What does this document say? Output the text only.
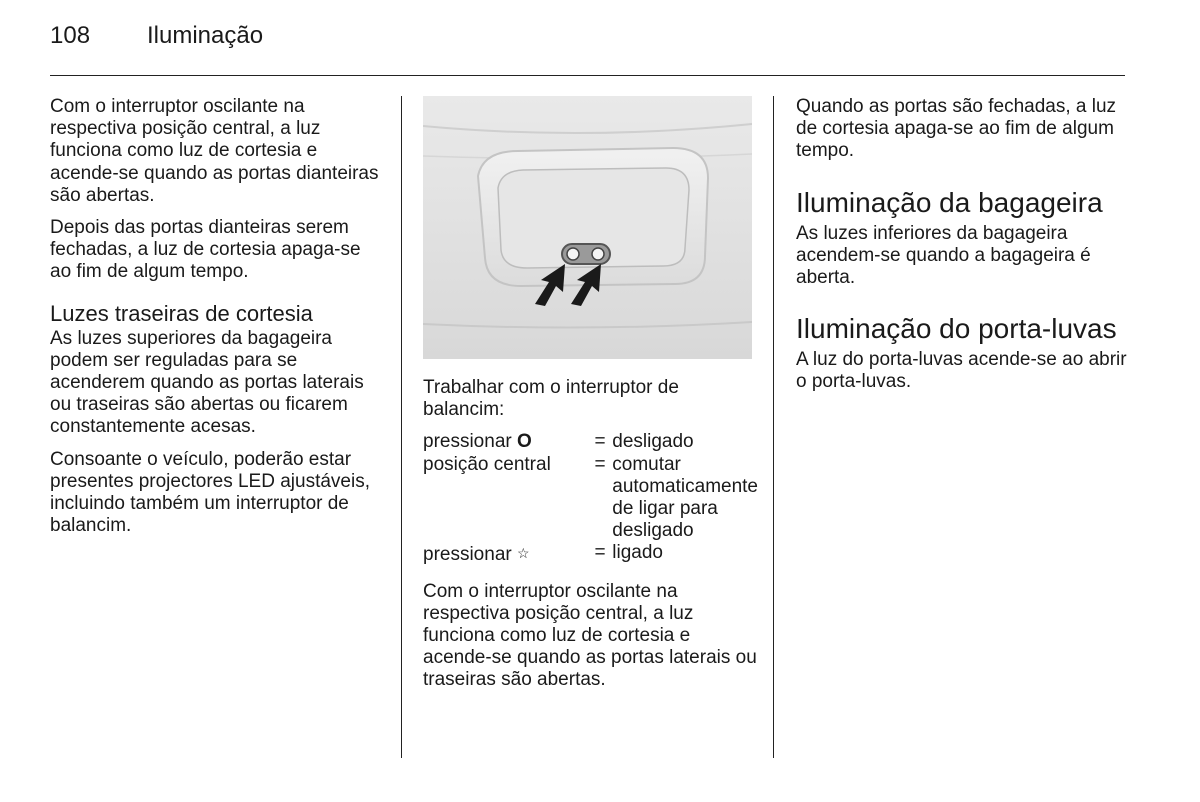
108 Iluminação

Com o interruptor oscilante na respectiva posição central, a luz funciona como luz de cortesia e acende-se quando as portas dianteiras são abertas.

Depois das portas dianteiras serem fechadas, a luz de cortesia apaga-se ao fim de algum tempo.

Luzes traseiras de cortesia

As luzes superiores da bagageira podem ser reguladas para se acenderem quando as portas laterais ou traseiras são abertas ou ficarem constantemente acesas.

Consoante o veículo, poderão estar presentes projectores LED ajustáveis, incluindo também um interruptor de balancim.

Trabalhar com o interruptor de balancim:

pressionar O	=	desligado
posição central	=	comutar automaticamente de ligar para desligado
pressionar ☆	=	ligado

Com o interruptor oscilante na respectiva posição central, a luz funciona como luz de cortesia e acende-se quando as portas laterais ou traseiras são abertas.

Quando as portas são fechadas, a luz de cortesia apaga-se ao fim de algum tempo.

Iluminação da bagageira

As luzes inferiores da bagageira acendem-se quando a bagageira é aberta.

Iluminação do porta-luvas

A luz do porta-luvas acende-se ao abrir o porta-luvas.
